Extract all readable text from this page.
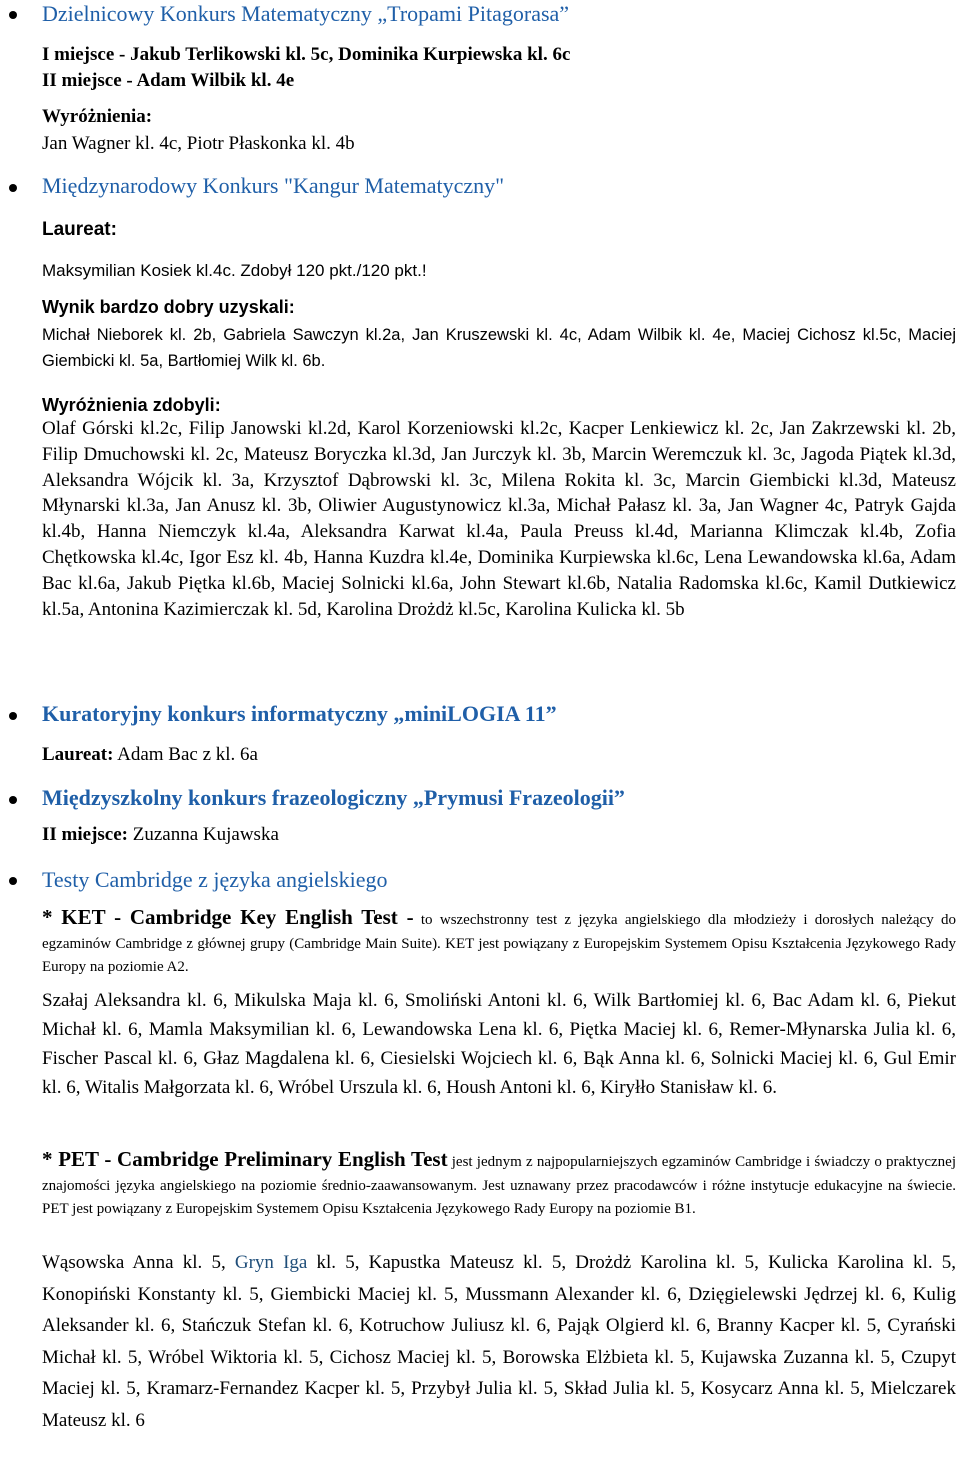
Dzielnicowy Konkurs Matematyczny „Tropami Pitagorasa”
I miejsce - Jakub Terlikowski kl. 5c, Dominika Kurpiewska kl. 6c
II miejsce - Adam Wilbik kl. 4e
Wyróżnienia:
Jan Wagner kl. 4c, Piotr Płaskonka kl. 4b
Międzynarodowy Konkurs "Kangur Matematyczny"
Laureat:
Maksymilian Kosiek kl.4c. Zdobył 120 pkt./120 pkt.!
Wynik bardzo dobry uzyskali:
Michał Nieborek kl. 2b, Gabriela Sawczyn kl.2a, Jan Kruszewski kl. 4c, Adam Wilbik kl. 4e, Maciej Cichosz kl.5c, Maciej Giembicki kl. 5a, Bartłomiej Wilk kl. 6b.
Wyróżnienia zdobyli:
Olaf Górski kl.2c, Filip Janowski kl.2d, Karol Korzeniowski kl.2c, Kacper Lenkiewicz kl. 2c, Jan Zakrzewski kl. 2b, Filip Dmuchowski kl. 2c, Mateusz Boryczka kl.3d, Jan Jurczyk kl. 3b, Marcin Weremczuk kl. 3c, Jagoda Piątek kl.3d, Aleksandra Wójcik kl. 3a, Krzysztof Dąbrowski kl. 3c, Milena Rokita kl. 3c, Marcin Giembicki kl.3d, Mateusz Młynarski kl.3a, Jan Anusz kl. 3b, Oliwier Augustynowicz kl.3a, Michał Pałasz kl. 3a, Jan Wagner 4c, Patryk Gajda kl.4b, Hanna Niemczyk kl.4a, Aleksandra Karwat kl.4a, Paula Preuss kl.4d, Marianna Klimczak kl.4b, Zofia Chętkowska kl.4c, Igor Esz kl. 4b, Hanna Kuzdra kl.4e, Dominika Kurpiewska kl.6c, Lena Lewandowska kl.6a, Adam Bac kl.6a, Jakub Piętka kl.6b, Maciej Solnicki kl.6a, John Stewart kl.6b, Natalia Radomska kl.6c, Kamil Dutkiewicz kl.5a, Antonina Kazimierczak kl. 5d, Karolina Drożdż kl.5c, Karolina Kulicka kl. 5b
Kuratoryjny konkurs informatyczny „miniLOGIA 11”
Laureat: Adam Bac z kl. 6a
Międzyszkolny konkurs frazeologiczny „Prymusi Frazeologii”
II miejsce: Zuzanna Kujawska
Testy Cambridge z języka angielskiego
* KET - Cambridge Key English Test - to wszechstronny test z języka angielskiego dla młodzieży i dorosłych należący do egzaminów Cambridge z głównej grupy (Cambridge Main Suite). KET jest powiązany z Europejskim Systemem Opisu Kształcenia Językowego Rady Europy na poziomie A2.
Szałaj Aleksandra kl. 6, Mikulska Maja kl. 6, Smoliński Antoni kl. 6, Wilk Bartłomiej kl. 6, Bac Adam kl. 6, Piekut Michał kl. 6, Mamla Maksymilian kl. 6, Lewandowska Lena kl. 6, Piętka Maciej kl. 6, Remer-Młynarska Julia kl. 6, Fischer Pascal kl. 6, Głaz Magdalena kl. 6, Ciesielski Wojciech kl. 6, Bąk Anna kl. 6, Solnicki Maciej kl. 6, Gul Emir kl. 6, Witalis Małgorzata kl. 6, Wróbel Urszula kl. 6, Housh Antoni kl. 6, Kiryłło Stanisław kl. 6.
* PET - Cambridge Preliminary English Test jest jednym z najpopularniejszych egzaminów Cambridge i świadczy o praktycznej znajomości języka angielskiego na poziomie średnio-zaawansowanym. Jest uznawany przez pracodawców i różne instytucje edukacyjne na świecie. PET jest powiązany z Europejskim Systemem Opisu Kształcenia Językowego Rady Europy na poziomie B1.
Wąsowska Anna kl. 5, Gryn Iga kl. 5, Kapustka Mateusz kl. 5, Drożdż Karolina kl. 5, Kulicka Karolina kl. 5, Konopiński Konstanty kl. 5, Giembicki Maciej kl. 5, Mussmann Alexander kl. 6, Dzięgielewski Jędrzej kl. 6, Kulig Aleksander kl. 6, Stańczuk Stefan kl. 6, Kotruchow Juliusz kl. 6, Pająk Olgierd kl. 6, Branny Kacper kl. 5, Cyrański Michał kl. 5, Wróbel Wiktoria kl. 5, Cichosz Maciej kl. 5, Borowska Elżbieta kl. 5, Kujawska Zuzanna kl. 5, Czupyt Maciej kl. 5, Kramarz-Fernandez Kacper kl. 5, Przybył Julia kl. 5, Skład Julia kl. 5, Kosycarz Anna kl. 5, Mielczarek Mateusz kl. 6
